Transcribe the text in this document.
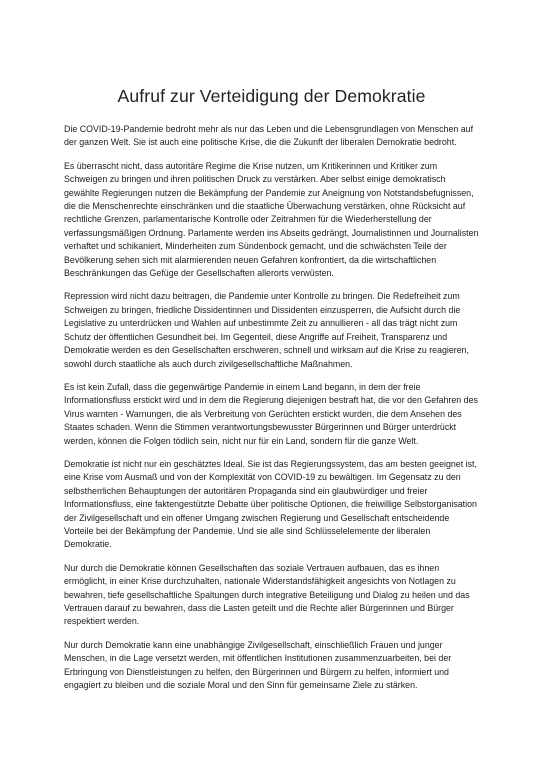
Aufruf zur Verteidigung der Demokratie

Die COVID-19-Pandemie bedroht mehr als nur das Leben und die Lebensgrundlagen von Menschen auf der ganzen Welt. Sie ist auch eine politische Krise, die die Zukunft der liberalen Demokratie bedroht.

Es überrascht nicht, dass autoritäre Regime die Krise nutzen, um Kritikerinnen und Kritiker zum Schweigen zu bringen und ihren politischen Druck zu verstärken. Aber selbst einige demokratisch gewählte Regierungen nutzen die Bekämpfung der Pandemie zur Aneignung von Notstandsbefugnissen, die die Menschenrechte einschränken und die staatliche Überwachung verstärken, ohne Rücksicht auf rechtliche Grenzen, parlamentarische Kontrolle oder Zeitrahmen für die Wiederherstellung der verfassungsmäßigen Ordnung. Parlamente werden ins Abseits gedrängt, Journalistinnen und Journalisten verhaftet und schikaniert, Minderheiten zum Sündenbock gemacht, und die schwächsten Teile der Bevölkerung sehen sich mit alarmierenden neuen Gefahren konfrontiert, da die wirtschaftlichen Beschränkungen das Gefüge der Gesellschaften allerorts verwüsten.

Repression wird nicht dazu beitragen, die Pandemie unter Kontrolle zu bringen. Die Redefreiheit zum Schweigen zu bringen, friedliche Dissidentinnen und Dissidenten einzusperren, die Aufsicht durch die Legislative zu unterdrücken und Wahlen auf unbestimmte Zeit zu annullieren - all das trägt nicht zum Schutz der öffentlichen Gesundheit bei. Im Gegenteil, diese Angriffe auf Freiheit, Transparenz und Demokratie werden es den Gesellschaften erschweren, schnell und wirksam auf die Krise zu reagieren, sowohl durch staatliche als auch durch zivilgesellschaftliche Maßnahmen.

Es ist kein Zufall, dass die gegenwärtige Pandemie in einem Land begann, in dem der freie Informationsfluss erstickt wird und in dem die Regierung diejenigen bestraft hat, die vor den Gefahren des Virus warnten - Warnungen, die als Verbreitung von Gerüchten erstickt wurden, die dem Ansehen des Staates schaden. Wenn die Stimmen verantwortungsbewusster Bürgerinnen und Bürger unterdrückt werden, können die Folgen tödlich sein, nicht nur für ein Land, sondern für die ganze Welt.

Demokratie ist nicht nur ein geschätztes Ideal. Sie ist das Regierungssystem, das am besten geeignet ist, eine Krise vom Ausmaß und von der Komplexität von COVID-19 zu bewältigen. Im Gegensatz zu den selbstherrlichen Behauptungen der autoritären Propaganda sind ein glaubwürdiger und freier Informationsfluss, eine faktengestützte Debatte über politische Optionen, die freiwillige Selbstorganisation der Zivilgesellschaft und ein offener Umgang zwischen Regierung und Gesellschaft entscheidende Vorteile bei der Bekämpfung der Pandemie. Und sie alle sind Schlüsselelemente der liberalen Demokratie.

Nur durch die Demokratie können Gesellschaften das soziale Vertrauen aufbauen, das es ihnen ermöglicht, in einer Krise durchzuhalten, nationale Widerstandsfähigkeit angesichts von Notlagen zu bewahren, tiefe gesellschaftliche Spaltungen durch integrative Beteiligung und Dialog zu heilen und das Vertrauen darauf zu bewahren, dass die Lasten geteilt und die Rechte aller Bürgerinnen und Bürger respektiert werden.

Nur durch Demokratie kann eine unabhängige Zivilgesellschaft, einschließlich Frauen und junger Menschen, in die Lage versetzt werden, mit öffentlichen Institutionen zusammenzuarbeiten, bei der Erbringung von Dienstleistungen zu helfen, den Bürgerinnen und Bürgern zu helfen, informiert und engagiert zu bleiben und die soziale Moral und den Sinn für gemeinsame Ziele zu stärken.
